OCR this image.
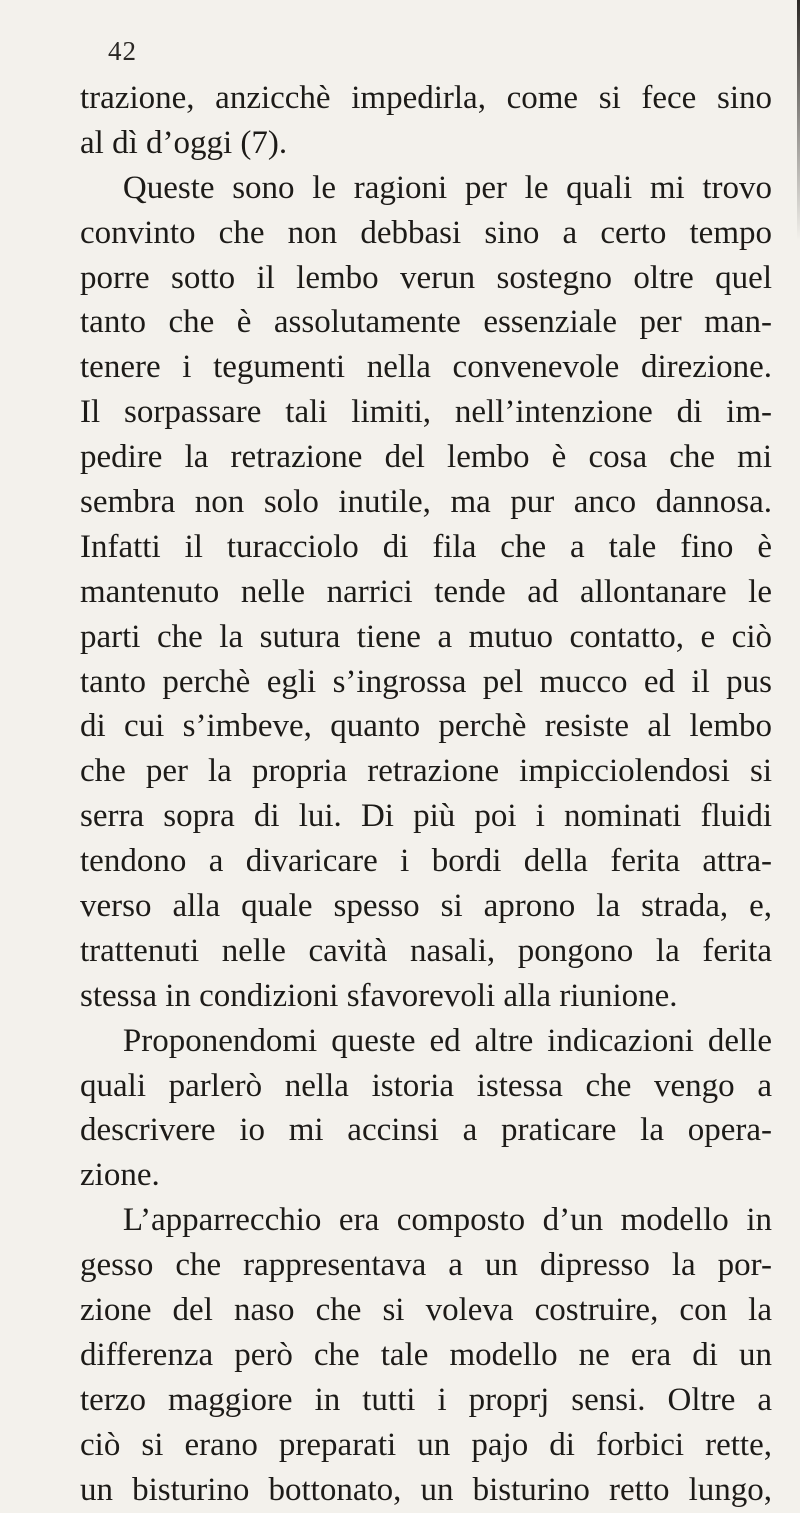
42
trazione, anzicchè impedirla, come si fece sino
al dì d’oggi (7).
Queste sono le ragioni per le quali mi trovo
convinto che non debbasi sino a certo tempo
porre sotto il lembo verun sostegno oltre quel
tanto che è assolutamente essenziale per man-
tenere i tegumenti nella convenevole direzione.
Il sorpassare tali limiti, nell’intenzione di im-
pedire la retrazione del lembo è cosa che mi
sembra non solo inutile, ma pur anco dannosa.
Infatti il turacciolo di fila che a tale fino è
mantenuto nelle narrici tende ad allontanare le
parti che la sutura tiene a mutuo contatto, e ciò
tanto perchè egli s’ingrossa pel mucco ed il pus
di cui s’imbeve, quanto perchè resiste al lembo
che per la propria retrazione impicciolendosi si
serra sopra di lui. Di più poi i nominati fluidi
tendono a divaricare i bordi della ferita attra-
verso alla quale spesso si aprono la strada, e,
trattenuti nelle cavità nasali, pongono la ferita
stessa in condizioni sfavorevoli alla riunione.
Proponendomi queste ed altre indicazioni delle
quali parlerò nella istoria istessa che vengo a
descrivere io mi accinsi a praticare la opera-
zione.
L’apparrecchio era composto d’un modello in
gesso che rappresentava a un dipresso la por-
zione del naso che si voleva costruire, con la
differenza però che tale modello ne era di un
terzo maggiore in tutti i proprj sensi. Oltre a
ciò si erano preparati un pajo di forbici rette,
un bisturino bottonato, un bisturino retto lungo,
